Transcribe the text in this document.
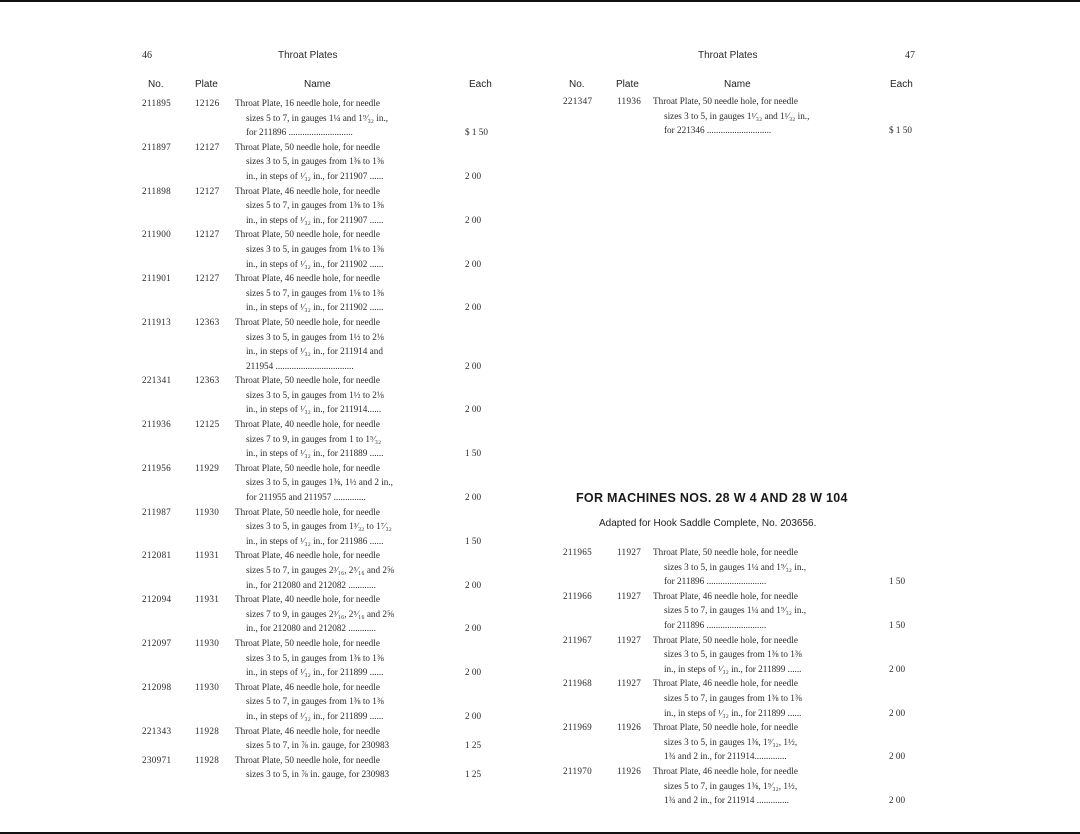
46	Throat Plates
No.	Plate	Name	Each
211895	12126 Throat Plate, 16 needle hole, for needle
sizes 5 to 7, in gauges 1¼ and 1⁹⁄₃₂ in.,
for 211896 ............................	$ 1 50
211897	12127 Throat Plate, 50 needle hole, for needle
sizes 3 to 5, in gauges from 1⅜ to 1⅜
in., in steps of ¹⁄₃₂ in., for 211907 ......	2 00
211898	12127 Throat Plate, 46 needle hole, for needle
sizes 5 to 7, in gauges from 1⅜ to 1⅜
in., in steps of ¹⁄₃₂ in., for 211907 ......	2 00
211900	12127 Throat Plate, 50 needle hole, for needle
sizes 3 to 5, in gauges from 1⅛ to 1⅜
in., in steps of ¹⁄₃₂ in., for 211902 ......	2 00
211901	12127 Throat Plate, 46 needle hole, for needle
sizes 5 to 7, in gauges from 1⅛ to 1⅜
in., in steps of ¹⁄₃₂ in., for 211902 ......	2 00
211913	12363 Throat Plate, 50 needle hole, for needle
sizes 3 to 5, in gauges from 1½ to 2⅛
in., in steps of ¹⁄₃₂ in., for 211914 and
211954 ..................................	2 00
221341	12363 Throat Plate, 50 needle hole, for needle
sizes 3 to 5, in gauges from 1½ to 2⅛
in., in steps of ¹⁄₃₂ in., for 211914......	2 00
211936	12125 Throat Plate, 40 needle hole, for needle
sizes 7 to 9, in gauges from 1 to 1⁵⁄₃₂
in., in steps of ¹⁄₃₂ in., for 211889 ......	1 50
211956	11929 Throat Plate, 50 needle hole, for needle
sizes 3 to 5, in gauges 1⅜, 1½ and 2 in.,
for 211955 and 211957 ..............	2 00
211987	11930 Throat Plate, 50 needle hole, for needle
sizes 3 to 5, in gauges from 1³⁄₃₂ to 1⁷⁄₃₂
in., in steps of ¹⁄₃₂ in., for 211986 ......	1 50
212081	11931 Throat Plate, 46 needle hole, for needle
sizes 5 to 7, in gauges 2³⁄₁₆, 2⁵⁄₁₆ and 2⅝
in., for 212080 and 212082 ............	2 00
212094	11931 Throat Plate, 40 needle hole, for needle
sizes 7 to 9, in gauges 2³⁄₁₆, 2⁵⁄₁₆ and 2⅝
in., for 212080 and 212082 ............	2 00
212097	11930 Throat Plate, 50 needle hole, for needle
sizes 3 to 5, in gauges from 1⅜ to 1⅜
in., in steps of ¹⁄₃₂ in., for 211899 ......	2 00
212098	11930 Throat Plate, 46 needle hole, for needle
sizes 5 to 7, in gauges from 1⅜ to 1⅜
in., in steps of ¹⁄₃₂ in., for 211899 ......	2 00
221343	11928 Throat Plate, 46 needle hole, for needle
sizes 5 to 7, in ⅞ in. gauge, for 230983	1 25
230971	11928 Throat Plate, 50 needle hole, for needle
sizes 3 to 5, in ⅞ in. gauge, for 230983	1 25
Throat Plates	47
No.	Plate	Name	Each
221347	11936 Throat Plate, 50 needle hole, for needle
sizes 3 to 5, in gauges 1¹⁄₃₂ and 1¹⁄₃₂ in.,
for 221346 ............................	$ 1 50
FOR MACHINES NOS. 28 W 4 AND 28 W 104
Adapted for Hook Saddle Complete, No. 203656.
211965	11927 Throat Plate, 50 needle hole, for needle
sizes 3 to 5, in gauges 1¼ and 1⁹⁄₃₂ in.,
for 211896 ..........................	1 50
211966	11927 Throat Plate, 46 needle hole, for needle
sizes 5 to 7, in gauges 1¼ and 1⁹⁄₃₂ in.,
for 211896 ..........................	1 50
211967	11927 Throat Plate, 50 needle hole, for needle
sizes 3 to 5, in gauges from 1⅜ to 1⅜
in., in steps of ¹⁄₃₂ in., for 211899 ......	2 00
211968	11927 Throat Plate, 46 needle hole, for needle
sizes 5 to 7, in gauges from 1⅜ to 1⅜
in., in steps of ¹⁄₃₂ in., for 211899 ......	2 00
211969	11926 Throat Plate, 50 needle hole, for needle
sizes 3 to 5, in gauges 1⅜, 1⁹⁄₃₂, 1½,
1¾ and 2 in., for 211914..............	2 00
211970	11926 Throat Plate, 46 needle hole, for needle
sizes 5 to 7, in gauges 1⅜, 1⁹⁄₃₂, 1½,
1¾ and 2 in., for 211914 ..............	2 00
